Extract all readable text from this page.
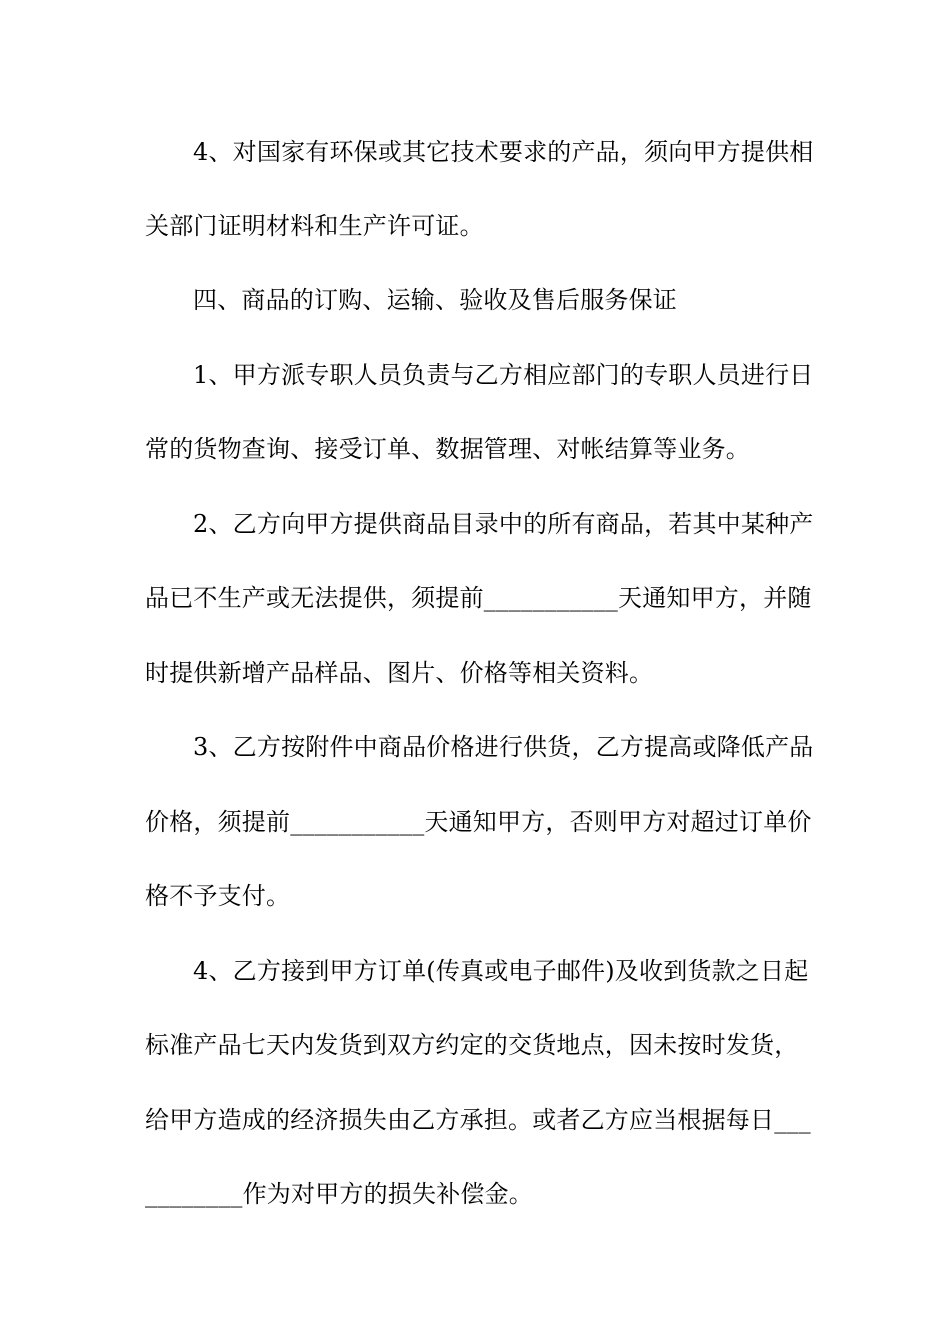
4、对国家有环保或其它技术要求的产品，须向甲方提供相
关部门证明材料和生产许可证。
四、商品的订购、运输、验收及售后服务保证
1、甲方派专职人员负责与乙方相应部门的专职人员进行日
常的货物查询、接受订单、数据管理、对帐结算等业务。
2、乙方向甲方提供商品目录中的所有商品，若其中某种产
品已不生产或无法提供，须提前___________天通知甲方，并随
时提供新增产品样品、图片、价格等相关资料。
3、乙方按附件中商品价格进行供货，乙方提高或降低产品
价格，须提前___________天通知甲方，否则甲方对超过订单价
格不予支付。
4、乙方接到甲方订单(传真或电子邮件)及收到货款之日起
标准产品七天内发货到双方约定的交货地点，因未按时发货，
给甲方造成的经济损失由乙方承担。或者乙方应当根据每日___
________作为对甲方的损失补偿金。
